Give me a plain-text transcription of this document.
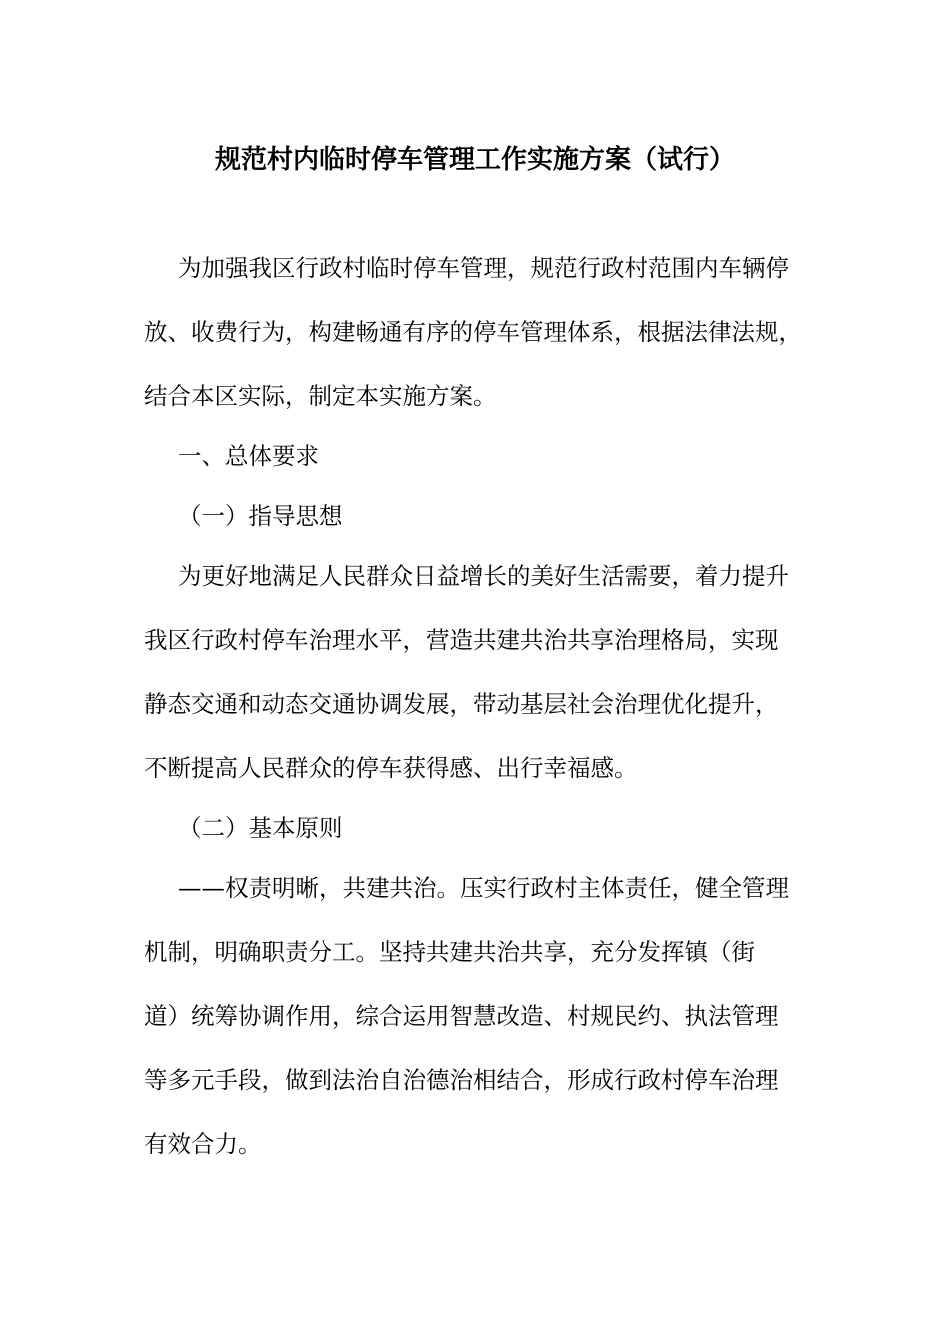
规范村内临时停车管理工作实施方案（试行）
为加强我区行政村临时停车管理，规范行政村范围内车辆停
放、收费行为，构建畅通有序的停车管理体系，根据法律法规，
结合本区实际，制定本实施方案。
一、总体要求
（一）指导思想
为更好地满足人民群众日益增长的美好生活需要，着力提升
我区行政村停车治理水平，营造共建共治共享治理格局，实现
静态交通和动态交通协调发展，带动基层社会治理优化提升，
不断提高人民群众的停车获得感、出行幸福感。
（二）基本原则
——权责明晰，共建共治。压实行政村主体责任，健全管理
机制，明确职责分工。坚持共建共治共享，充分发挥镇（街
道）统筹协调作用，综合运用智慧改造、村规民约、执法管理
等多元手段，做到法治自治德治相结合，形成行政村停车治理
有效合力。
